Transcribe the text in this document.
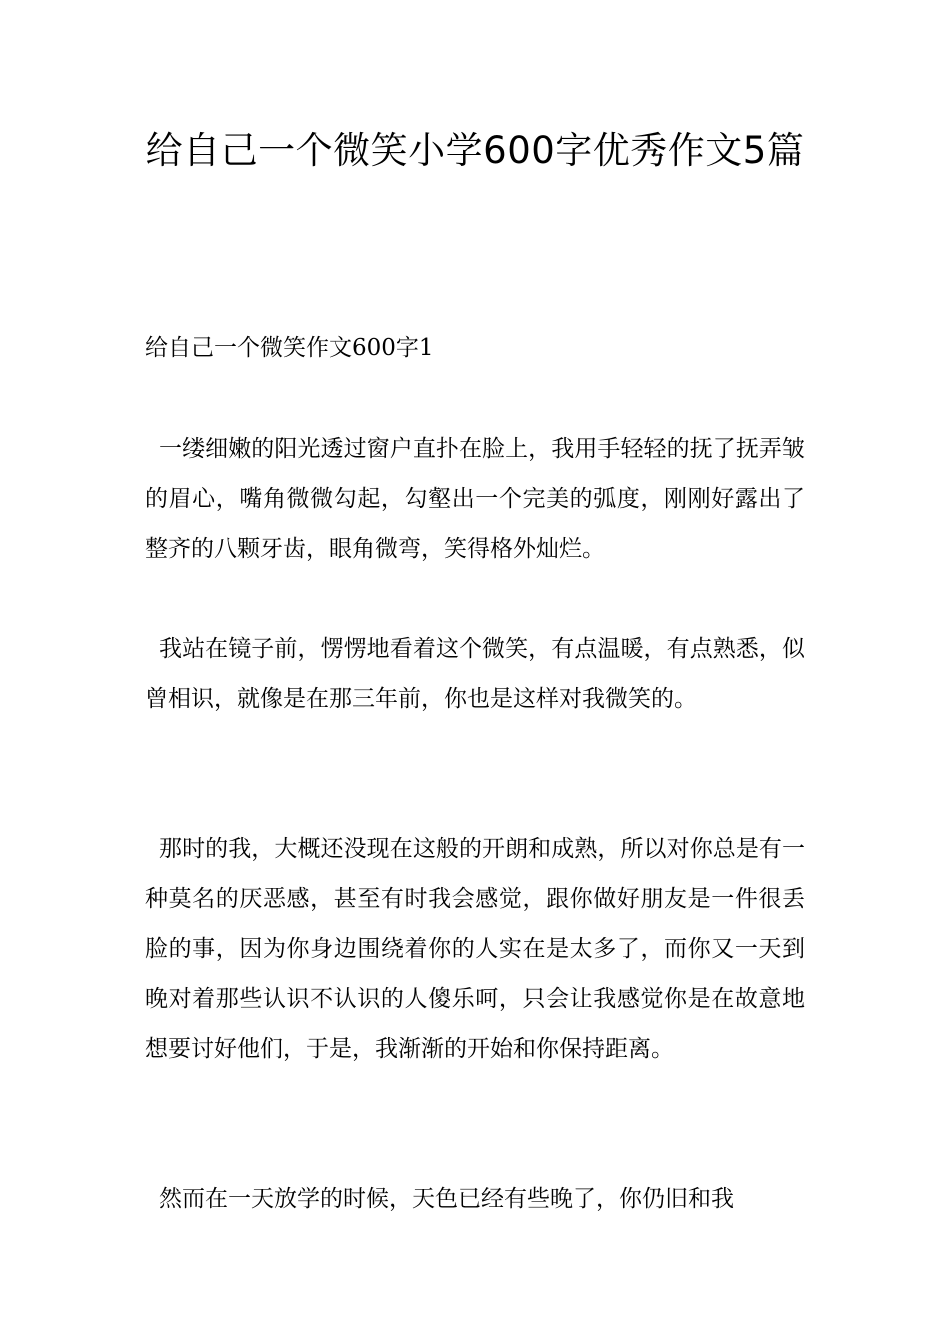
给自己一个微笑小学600字优秀作文5篇
给自己一个微笑作文600字1

一缕细嫩的阳光透过窗户直扑在脸上，我用手轻轻的抚了抚弄皱的眉心，嘴角微微勾起，勾壑出一个完美的弧度，刚刚好露出了整齐的八颗牙齿，眼角微弯，笑得格外灿烂。

我站在镜子前，愣愣地看着这个微笑，有点温暖，有点熟悉，似曾相识，就像是在那三年前，你也是这样对我微笑的。

那时的我，大概还没现在这般的开朗和成熟，所以对你总是有一种莫名的厌恶感，甚至有时我会感觉，跟你做好朋友是一件很丢脸的事，因为你身边围绕着你的人实在是太多了，而你又一天到晚对着那些认识不认识的人傻乐呵，只会让我感觉你是在故意地想要讨好他们，于是，我渐渐的开始和你保持距离。

然而在一天放学的时候，天色已经有些晚了，你仍旧和我
